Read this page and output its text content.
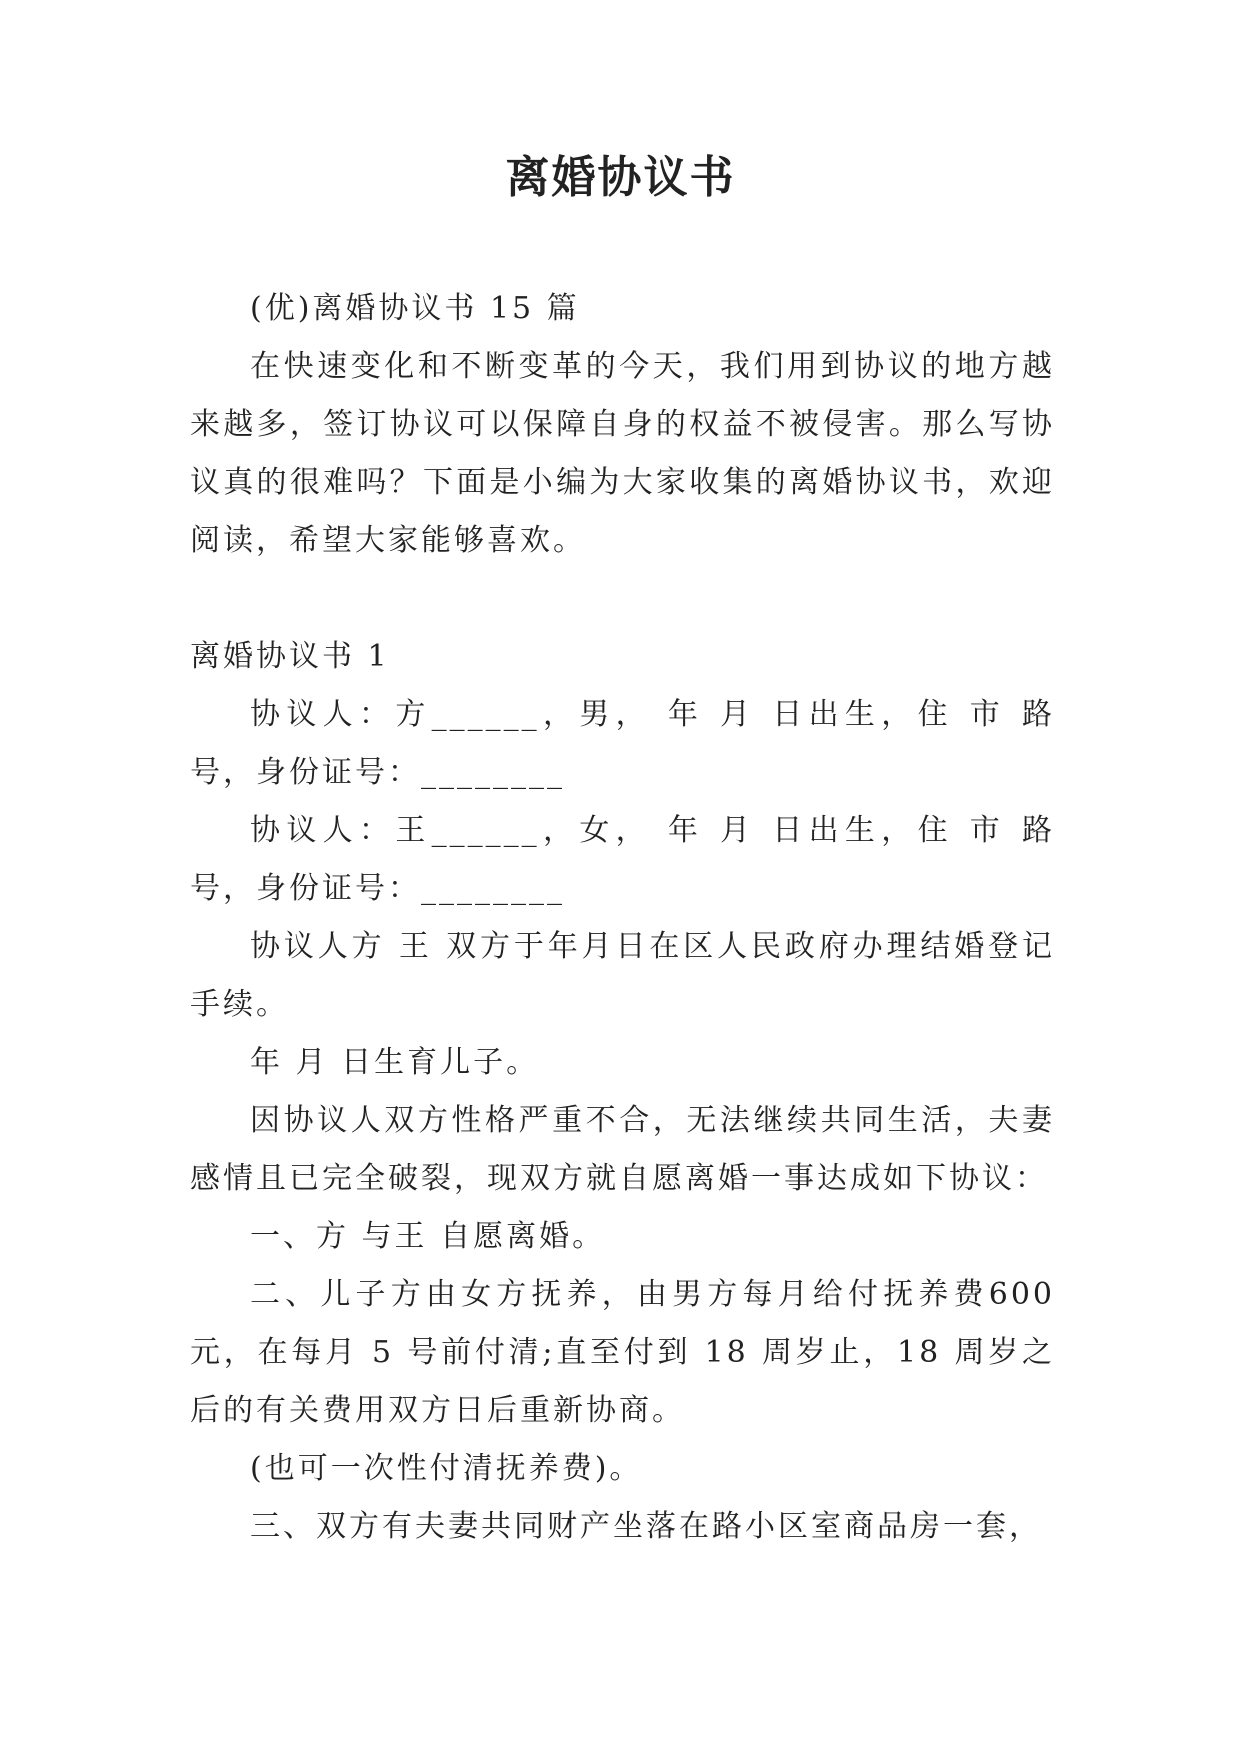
离婚协议书

(优)离婚协议书 15 篇

在快速变化和不断变革的今天，我们用到协议的地方越来越多，签订协议可以保障自身的权益不被侵害。那么写协议真的很难吗？下面是小编为大家收集的离婚协议书，欢迎阅读，希望大家能够喜欢。

离婚协议书 1

协议人：方______，男， 年 月 日出生，住 市 路 号，身份证号：________

协议人：王______，女， 年 月 日出生，住 市 路 号，身份证号：________

协议人方 王 双方于年月日在区人民政府办理结婚登记手续。

年 月 日生育儿子。

因协议人双方性格严重不合，无法继续共同生活，夫妻感情且已完全破裂，现双方就自愿离婚一事达成如下协议：

一、方 与王 自愿离婚。

二、儿子方由女方抚养，由男方每月给付抚养费600元，在每月 5 号前付清;直至付到 18 周岁止，18 周岁之后的有关费用双方日后重新协商。

(也可一次性付清抚养费)。

三、双方有夫妻共同财产坐落在路小区室商品房一套，
